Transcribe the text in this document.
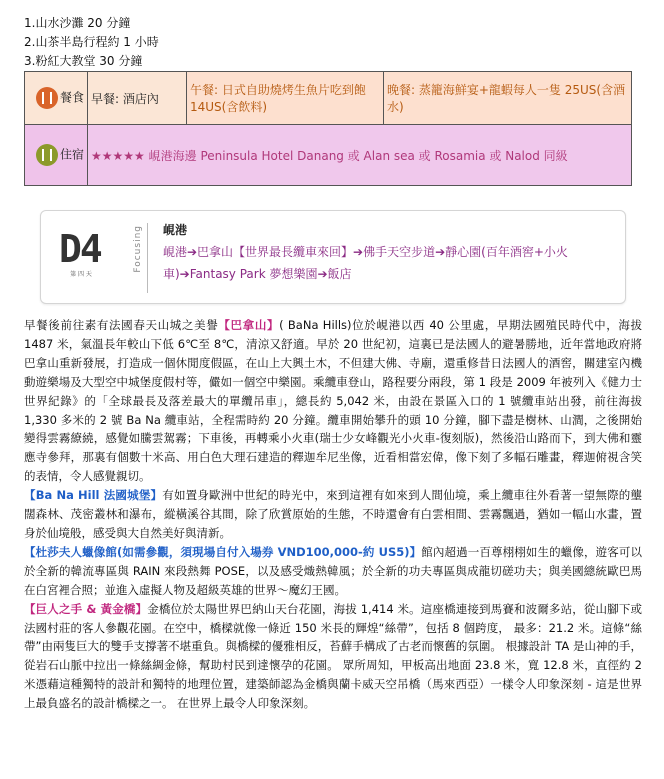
1.山水沙灘 20 分鐘
2.山茶半島行程約 1 小時
3.粉紅大教堂 30 分鐘
餐食	早餐: 酒店內	午餐: 日式自助燒烤生魚片吃到飽 14US(含飲料)	晚餐: 蒸籠海鮮宴+龍蝦每人一隻 25US(含酒水)
住宿	★★★★★ 峴港海邊 Peninsula Hotel Danang 或 Alan sea 或 Rosamia 或 Nalod 同級		
D4
第 四 天
Focusing 峴港
峴港➔巴拿山【世界最長纜車來回】➔佛手天空步道➔靜心園(百年酒窖+小火車)➔Fantasy Park 夢想樂園➔飯店

早餐後前往素有法國春天山城之美譽【巴拿山】( BaNa Hills)位於峴港以西 40 公里處，早期法國殖民時代中，海拔 1487 米，氣溫長年較山下低 6℃至 8℃，清涼又舒適。早於 20 世紀初，這裏已是法國人的避暑勝地，近年當地政府將巴拿山重新發展，打造成一個休閒度假區，在山上大興土木，不但建大佛、寺廟，還重修昔日法國人的酒窖，關建室內機動遊樂場及大型空中城堡度假村等，儼如一個空中樂園。乘纜車登山，路程要分兩段，第 1 段是 2009 年被列入《健力士世界紀錄》的「全球最長及落差最大的單纜吊車」，總長約 5,042 米，由設在景區入口的 1 號纜車站出發，前往海拔 1,330 多米的 2 號 Ba Na 纜車站，全程需時約 20 分鐘。纜車開始攀升的頭 10 分鐘，腳下盡是樹林、山澗，之後開始變得雲霧繚繞，感覺如騰雲駕霧；下車後，再轉乘小火車(瑞士少女峰觀光小火車-復刻版)，然後沿山路而下，到大佛和靈應寺參拜，那裏有個數十米高、用白色大理石建造的釋迦牟尼坐像，近看相當宏偉，像下刻了多幅石雕畫，釋迦俯視含笑的表情，令人感覺親切。

【Ba Na Hill 法國城堡】有如置身歐洲中世紀的時光中，來到這裡有如來到人間仙境，乘上纜車往外看著一望無際的壟闊森林、茂密叢林和瀑布，縱橫溪谷其間，除了欣賞原始的生態，不時還會有白雲相間、雲霧飄過，猶如一幅山水畫，置身於仙境般，感受與大自然美好與清新。

【杜莎夫人蠟像館(如需參觀，須現場自付入場券 VND100,000-約 US5)】館內超過一百尊栩栩如生的蠟像，遊客可以於全新的韓流專區與 RAIN 來段熱舞 POSE，以及感受熾熱韓風；於全新的功夫專區與成龍切磋功夫；與美國總統歐巴馬在白宮裡合照；並進入虛擬人物及超級英雄的世界～魔幻王國。

【巨人之手 & 黃金橋】金橋位於太陽世界巴納山天台花園，海拔 1,414 米。這座橋連接到馬賽和波爾多站，從山腳下或法國村莊的客人參觀花園。在空中，橋樑就像一條近 150 米長的輝煌“絲帶”，包括 8 個跨度， 最多：21.2 米。這條“絲帶”由兩隻巨大的雙手支撐著不堪重負。與橋樑的優雅相反，苔蘚手構成了古老而懷舊的氛圍。 根據設計 TA 是山神的手，從岩石山脈中拉出一條絲綢金條，幫助村民到達懷孕的花園。 眾所周知，甲板高出地面 23.8 米，寬 12.8 米，直徑約 2 米憑藉這種獨特的設計和獨特的地理位置，建築師認為金橋與蘭卡威天空吊橋（馬來西亞）一樣令人印象深刻 - 這是世界上最負盛名的設計橋樑之一。 在世界上最令人印象深刻。
